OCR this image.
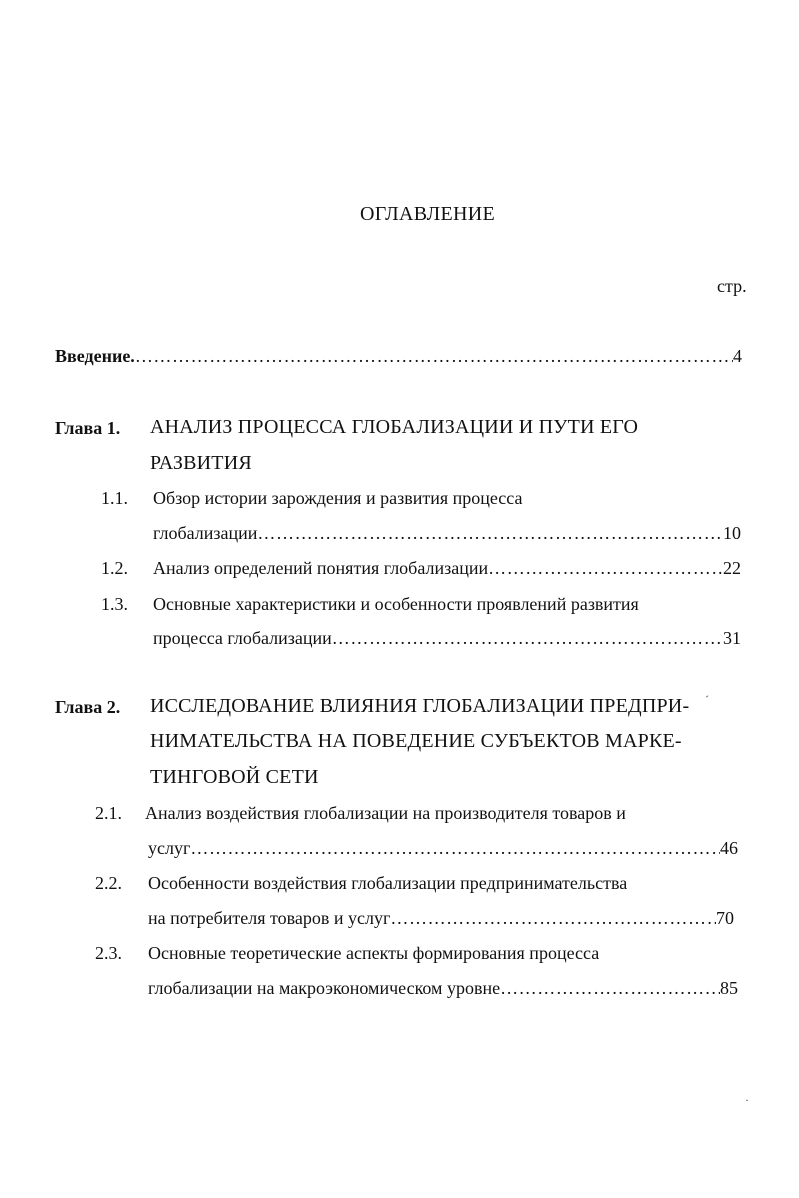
ОГЛАВЛЕНИЕ
стр.
Введение. …………………………………………………………………………………………………………………………………………………………………………………………	4
Глава 1. АНАЛИЗ ПРОЦЕССА ГЛОБАЛИЗАЦИИ И ПУТИ ЕГО
РАЗВИТИЯ
1.1. Обзор истории зарождения и развития процесса
глобализации …………………………………………………………………………………………………………………………………………………………………………………………	10
1.2. Анализ определений понятия глобализации …………………………………………………………………………………………………………………………………………………………………………………………	22
1.3. Основные характеристики и особенности проявлений развития
процесса глобализации …………………………………………………………………………………………………………………………………………………………………………………………	31
Глава 2. ИССЛЕДОВАНИЕ ВЛИЯНИЯ ГЛОБАЛИЗАЦИИ ПРЕДПРИ-
НИМАТЕЛЬСТВА НА ПОВЕДЕНИЕ СУБЪЕКТОВ МАРКЕ-
ТИНГОВОЙ СЕТИ
ˊ
2.1. Анализ воздействия глобализации на производителя товаров и
услуг …………………………………………………………………………………………………………………………………………………………………………………………	46
2.2. Особенности воздействия глобализации предпринимательства
на потребителя товаров и услуг …………………………………………………………………………………………………………………………………………………………………………………………	70
2.3. Основные теоретические аспекты формирования процесса
глобализации на макроэкономическом уровне …………………………………………………………………………………………………………………………………………………………………………………………	85
·
